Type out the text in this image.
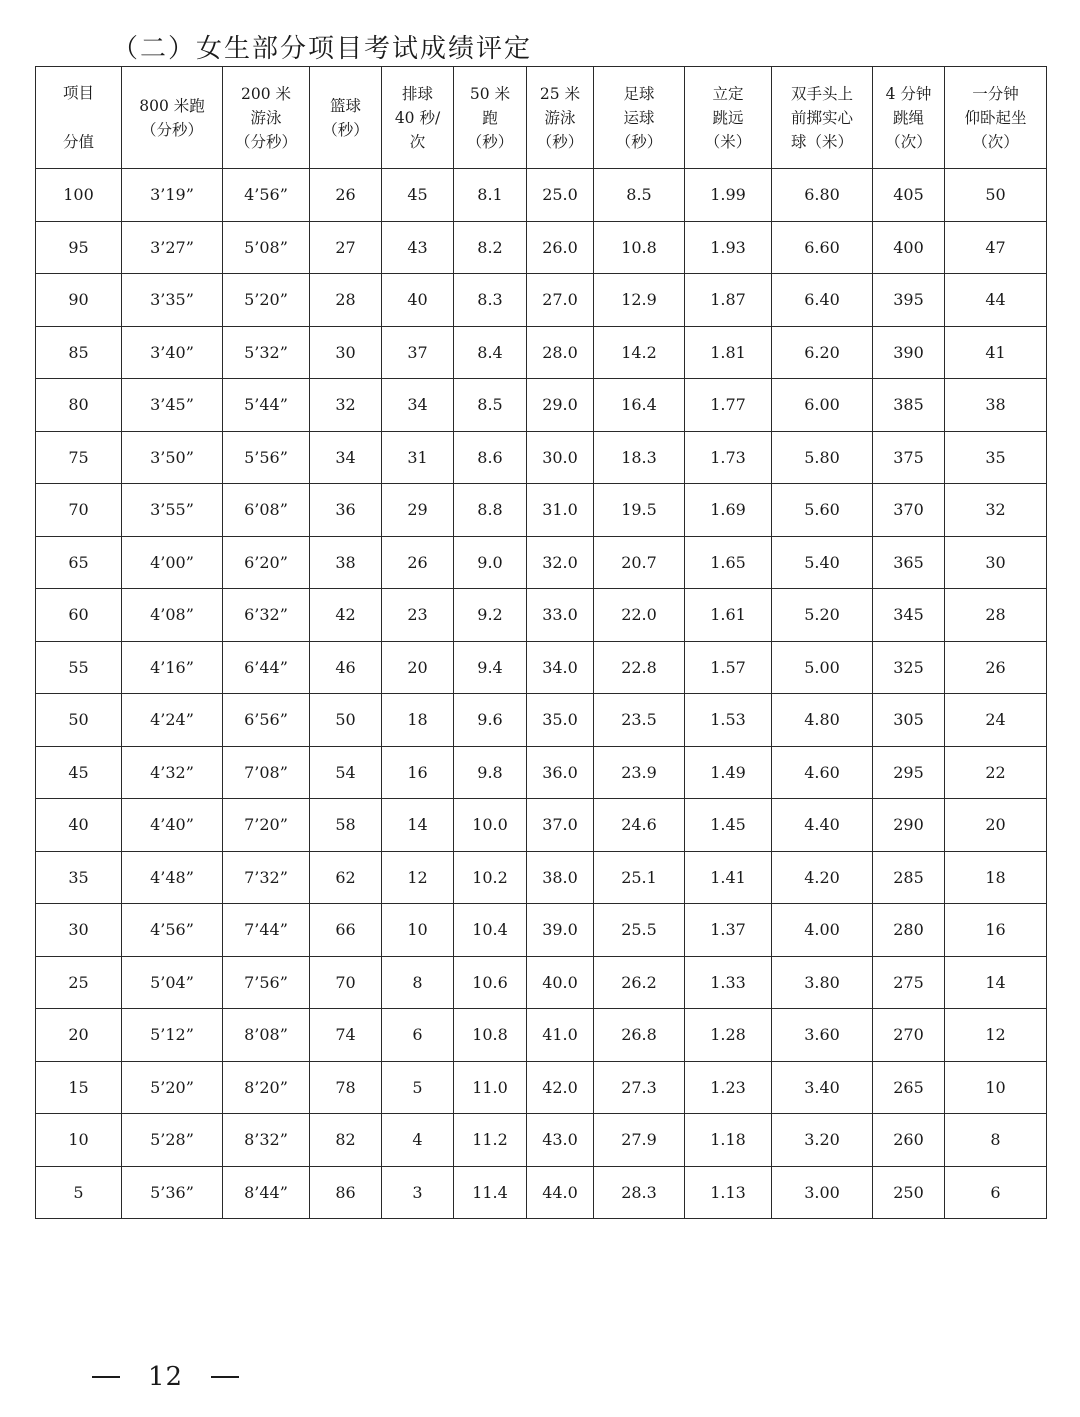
（二）女生部分项目考试成绩评定
项目
分值	800 米跑
（分秒）	200 米
游泳
（分秒）	篮球
（秒）	排球
40 秒/
次	50 米
跑
（秒）	25 米
游泳
（秒）	足球
运球
（秒）	立定
跳远
（米）	双手头上
前掷实心
球（米）	4 分钟
跳绳
（次）	一分钟
仰卧起坐
（次）

100	3’19”	4’56”	26	45	8.1	25.0	8.5	1.99	6.80	405	50
95	3’27”	5’08”	27	43	8.2	26.0	10.8	1.93	6.60	400	47
90	3’35”	5’20”	28	40	8.3	27.0	12.9	1.87	6.40	395	44
85	3’40”	5’32”	30	37	8.4	28.0	14.2	1.81	6.20	390	41
80	3’45”	5’44”	32	34	8.5	29.0	16.4	1.77	6.00	385	38
75	3’50”	5’56”	34	31	8.6	30.0	18.3	1.73	5.80	375	35
70	3’55”	6’08”	36	29	8.8	31.0	19.5	1.69	5.60	370	32
65	4’00”	6’20”	38	26	9.0	32.0	20.7	1.65	5.40	365	30
60	4’08”	6’32”	42	23	9.2	33.0	22.0	1.61	5.20	345	28
55	4’16”	6’44”	46	20	9.4	34.0	22.8	1.57	5.00	325	26
50	4’24”	6’56”	50	18	9.6	35.0	23.5	1.53	4.80	305	24
45	4’32”	7’08”	54	16	9.8	36.0	23.9	1.49	4.60	295	22
40	4’40”	7’20”	58	14	10.0	37.0	24.6	1.45	4.40	290	20
35	4’48”	7’32”	62	12	10.2	38.0	25.1	1.41	4.20	285	18
30	4’56”	7’44”	66	10	10.4	39.0	25.5	1.37	4.00	280	16
25	5’04”	7’56”	70	8	10.6	40.0	26.2	1.33	3.80	275	14
20	5’12”	8’08”	74	6	10.8	41.0	26.8	1.28	3.60	270	12
15	5’20”	8’20”	78	5	11.0	42.0	27.3	1.23	3.40	265	10
10	5’28”	8’32”	82	4	11.2	43.0	27.9	1.18	3.20	260	8
5	5’36”	8’44”	86	3	11.4	44.0	28.3	1.13	3.00	250	6
12
